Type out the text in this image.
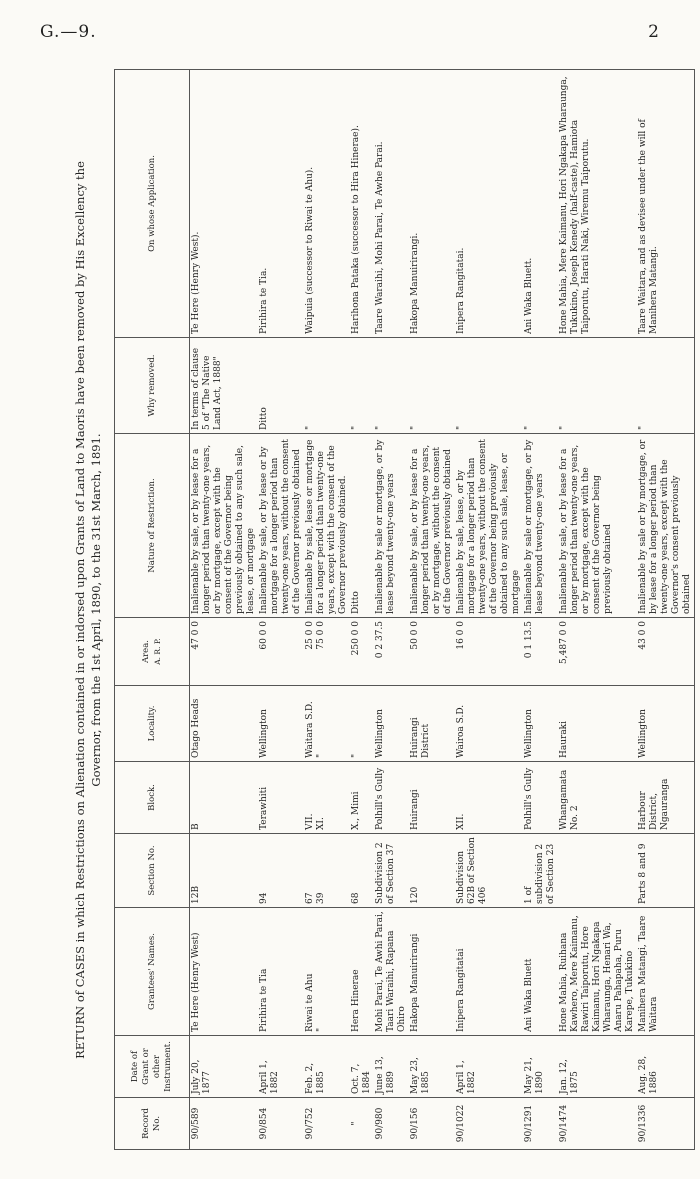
G.—9.	2
RETURN of CASES in which Restrictions on Alienation contained in or indorsed upon Grants of Land to Maoris have been removed by His Excellency the Governor, from the 1st April, 1890, to the 31st March, 1891.
Record No.	Date of Grant or other Instrument.	Grantees' Names.	Section No.	Block.	Locality.	Area. A. R. P.	Nature of Restriction.	Why removed.	On whose Application.
90/589	July 20, 1877	Te Here (Henry West)	12B	B	Otago Heads	47 0 0	Inalienable by sale, or by lease for a longer period than twenty-one years, or by mortgage, except with the consent of the Governor being previously obtained to any such sale, lease, or mortgage	In terms of clause 5 of "The Native Land Act, 1888"	Te Here (Henry West).

90/854	April 1, 1882	Pirihira te Tia	94	Terawhiti	Wellington	60 0 0	Inalienable by sale, or by lease or by mortgage for a longer period than twenty-one years, without the consent of the Governor previously obtained	Ditto	Pirihira te Tia.

90/752	Feb. 2, 1885	Riwai te Ahu "	67 39	VII. XI.	Waitara S.D. "	25 0 0 75 0 0	Inalienable by sale, lease or mortgage for a longer period than twenty-one years, except with the consent of the Governor previously obtained.	"	Waipuia (successor to Riwai te Ahu).

"	Oct. 7, 1884	Hera Hinerae	68	X., Mimi	"	250 0 0	Ditto	"	Harihona Pataka (successor to Hira Hinerae).

90/980	June 13, 1889	Mohi Parai, Te Awhi Parai, Taari Waraihi, Rapana Ohiro	Subdivision 2 of Section 37	Polhill's Gully	Wellington	0 2 37.5	Inalienable by sale or mortgage, or by lease beyond twenty-one years	"	Taare Waraihi, Mohi Parai, Te Awhe Parai.

90/156	May 23, 1885	Hakopa Manuirirangi	120	Huirangi	Huirangi District	50 0 0	Inalienable by sale, or by lease for a longer period than twenty-one years, or by mortgage, without the consent of the Governor previously obtained	"	Hakopa Manuirirangi.

90/1022	April 1, 1882	Inipera Rangitatai	Subdivision 62B of Section 406	XII.	Wairoa S.D.	16 0 0	Inalienable by sale, lease, or by mortgage for a longer period than twenty-one years, without the consent of the Governor being previously obtained to any such sale, lease, or mortgage	"	Inipera Rangitatai.

90/1291	May 21, 1890	Ani Waka Bluett	1 of subdivision 2 of Section 23	Polhill's Gully	Wellington	0 1 13.5	Inalienable by sale or mortgage, or by lease beyond twenty-one years	"	Ani Waka Bluett.

90/1474	Jan. 12, 1875	Hone Mahia, Ruihana Kawhero, Mere Kaimanu, Rawiri Taiporutu, Hore Kaimanu, Hori Ngakapa Wharaunga, Henari Wa, Anaru Pahapaha, Puru Karepe, Tukukino		Whangamata No. 2	Hauraki	5,487 0 0	Inalienable by sale, or by lease for a longer period than twenty-one years, or by mortgage, except with the consent of the Governor being previously obtained	"	Hone Mahia, Mere Kaimanu, Hori Ngakapa Wharaunga, Tukukino, Joseph Kenedy (half-caste), Hamiota Taiporutu, Harati Naki, Wiremu Taiporutu.

90/1336	Aug. 28, 1886	Manihera Matangi, Taare Waitara	Parts 8 and 9	Harbour District, Ngauranga	Wellington	43 0 0	Inalienable by sale or by mortgage, or by lease for a longer period than twenty-one years, except with the Governor's consent previously obtained	"	Taare Waitara, and as devisee under the will of Manihera Matangi.
